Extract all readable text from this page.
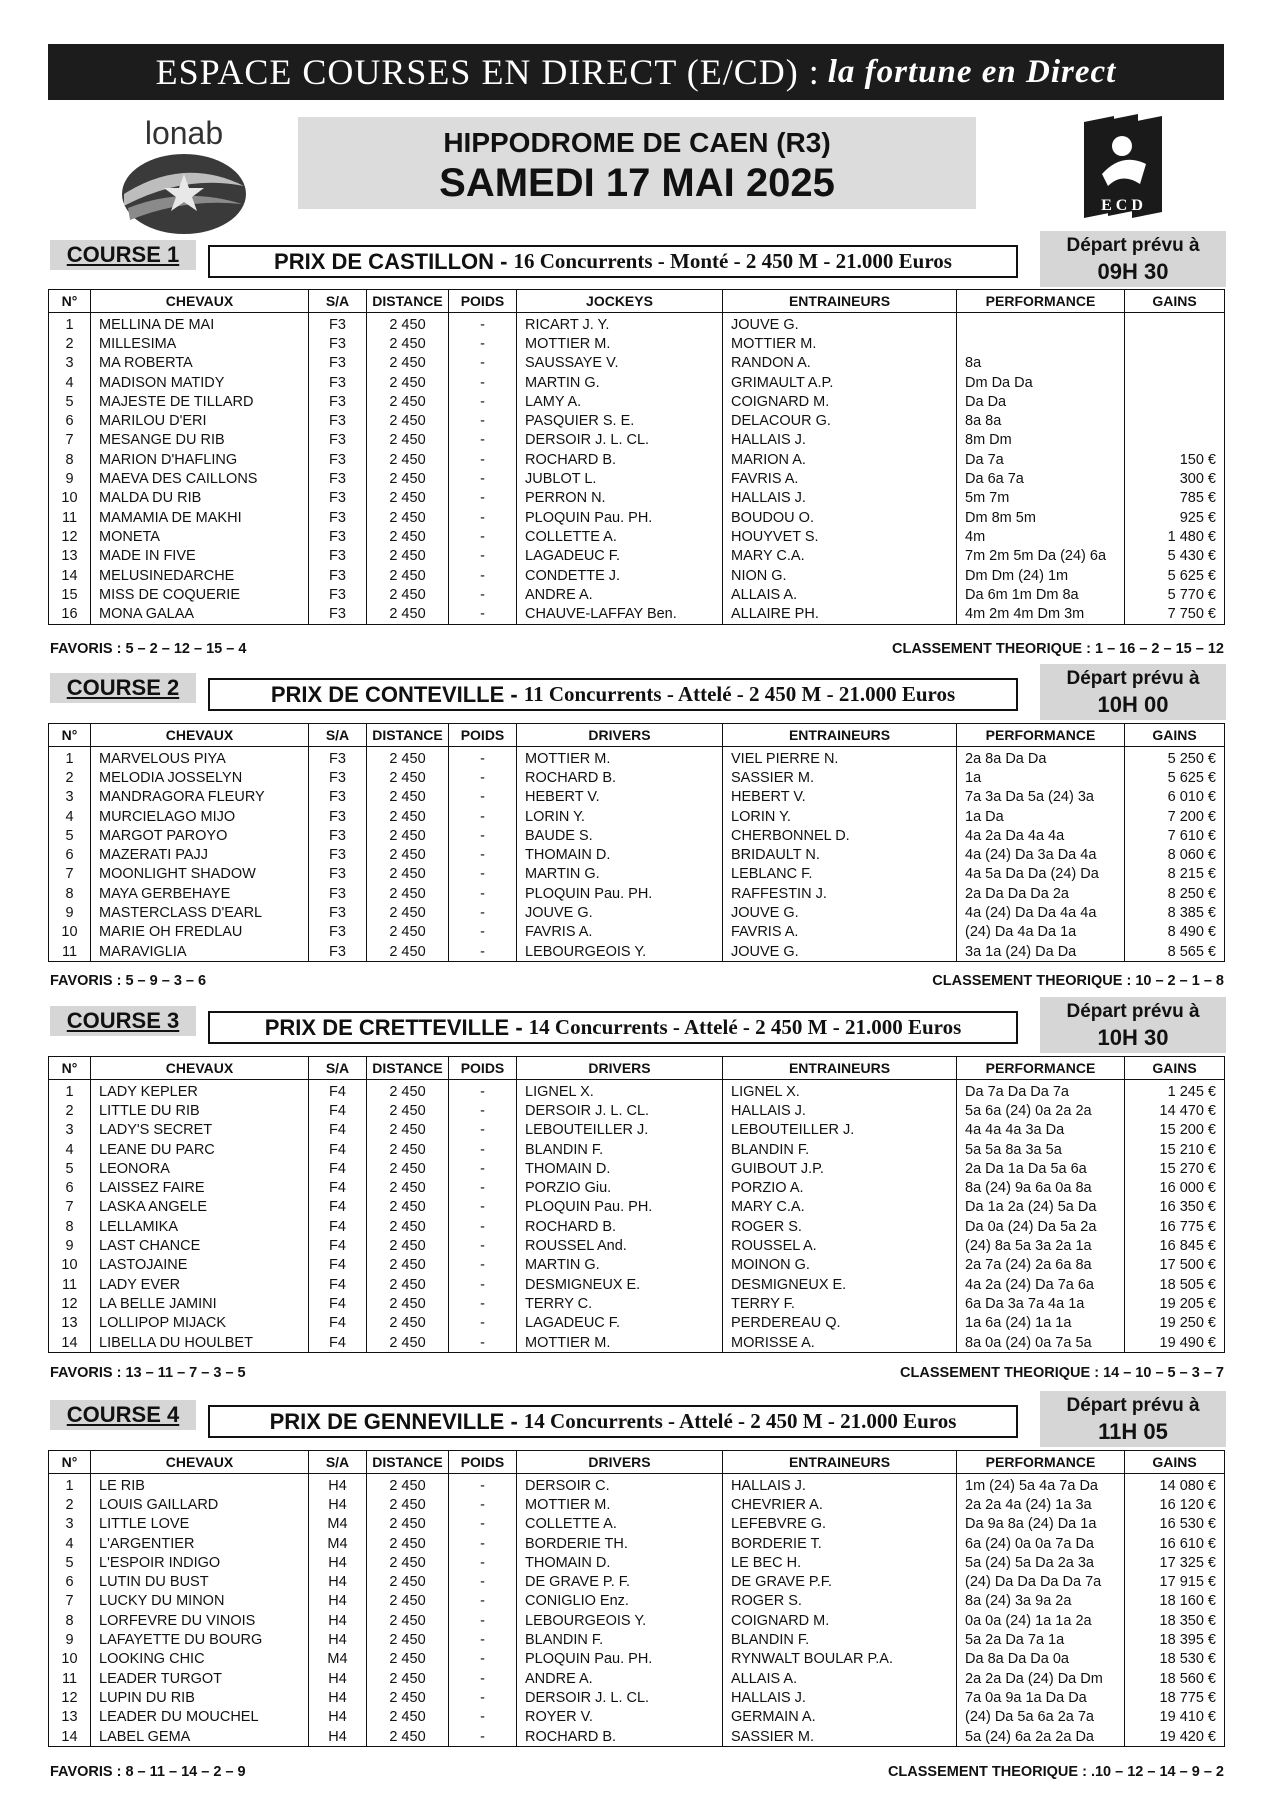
ESPACE COURSES EN DIRECT (E/CD) : la fortune en Direct
lonab	HIPPODROME DE CAEN (R3)
SAMEDI 17 MAI 2025
E C D
COURSE 1	PRIX DE CASTILLON - 16 Concurrents - Monté - 2 450 M - 21.000 Euros
Départ prévu à
09H 30
N°	CHEVAUX	S/A	DISTANCE	POIDS	JOCKEYS	ENTRAINEURS	PERFORMANCE	GAINS
1	MELLINA DE MAI	F3	2 450	-	RICART J. Y.	JOUVE G.		
2	MILLESIMA	F3	2 450	-	MOTTIER M.	MOTTIER M.		
3	MA ROBERTA	F3	2 450	-	SAUSSAYE V.	RANDON A.	8a	
4	MADISON MATIDY	F3	2 450	-	MARTIN G.	GRIMAULT A.P.	Dm Da Da	
5	MAJESTE DE TILLARD	F3	2 450	-	LAMY A.	COIGNARD M.	Da Da	
6	MARILOU D'ERI	F3	2 450	-	PASQUIER S. E.	DELACOUR G.	8a 8a	
7	MESANGE DU RIB	F3	2 450	-	DERSOIR J. L. CL.	HALLAIS J.	8m Dm	
8	MARION D'HAFLING	F3	2 450	-	ROCHARD B.	MARION A.	Da 7a	150 €
9	MAEVA DES CAILLONS	F3	2 450	-	JUBLOT L.	FAVRIS A.	Da 6a 7a	300 €
10	MALDA DU RIB	F3	2 450	-	PERRON N.	HALLAIS J.	5m 7m	785 €
11	MAMAMIA DE MAKHI	F3	2 450	-	PLOQUIN Pau. PH.	BOUDOU O.	Dm 8m 5m	925 €
12	MONETA	F3	2 450	-	COLLETTE A.	HOUYVET S.	4m	1 480 €
13	MADE IN FIVE	F3	2 450	-	LAGADEUC F.	MARY C.A.	7m 2m 5m Da (24) 6a	5 430 €
14	MELUSINEDARCHE	F3	2 450	-	CONDETTE J.	NION G.	Dm Dm (24) 1m	5 625 €
15	MISS DE COQUERIE	F3	2 450	-	ANDRE A.	ALLAIS A.	Da 6m 1m Dm 8a	5 770 €
16	MONA GALAA	F3	2 450	-	CHAUVE-LAFFAY Ben.	ALLAIRE PH.	4m 2m 4m Dm 3m	7 750 €
FAVORIS : 5 – 2 – 12 – 15 – 4	CLASSEMENT THEORIQUE : 1 – 16 – 2 – 15 – 12
COURSE 2	PRIX DE CONTEVILLE - 11 Concurrents - Attelé - 2 450 M - 21.000 Euros
Départ prévu à
10H 00
N°	CHEVAUX	S/A	DISTANCE	POIDS	DRIVERS	ENTRAINEURS	PERFORMANCE	GAINS
1	MARVELOUS PIYA	F3	2 450	-	MOTTIER M.	VIEL PIERRE N.	2a 8a Da Da	5 250 €
2	MELODIA JOSSELYN	F3	2 450	-	ROCHARD B.	SASSIER M.	1a	5 625 €
3	MANDRAGORA FLEURY	F3	2 450	-	HEBERT V.	HEBERT V.	7a 3a Da 5a (24) 3a	6 010 €
4	MURCIELAGO MIJO	F3	2 450	-	LORIN Y.	LORIN Y.	1a Da	7 200 €
5	MARGOT PAROYO	F3	2 450	-	BAUDE S.	CHERBONNEL D.	4a 2a Da 4a 4a	7 610 €
6	MAZERATI PAJJ	F3	2 450	-	THOMAIN D.	BRIDAULT N.	4a (24) Da 3a Da 4a	8 060 €
7	MOONLIGHT SHADOW	F3	2 450	-	MARTIN G.	LEBLANC F.	4a 5a Da Da (24) Da	8 215 €
8	MAYA GERBEHAYE	F3	2 450	-	PLOQUIN Pau. PH.	RAFFESTIN J.	2a Da Da Da 2a	8 250 €
9	MASTERCLASS D'EARL	F3	2 450	-	JOUVE G.	JOUVE G.	4a (24) Da Da 4a 4a	8 385 €
10	MARIE OH FREDLAU	F3	2 450	-	FAVRIS A.	FAVRIS A.	(24) Da 4a Da 1a	8 490 €
11	MARAVIGLIA	F3	2 450	-	LEBOURGEOIS Y.	JOUVE G.	3a 1a (24) Da Da	8 565 €
FAVORIS : 5 – 9 – 3 – 6	CLASSEMENT THEORIQUE : 10 – 2 – 1 – 8
COURSE 3	PRIX DE CRETTEVILLE - 14 Concurrents - Attelé - 2 450 M - 21.000 Euros
Départ prévu à
10H 30
N°	CHEVAUX	S/A	DISTANCE	POIDS	DRIVERS	ENTRAINEURS	PERFORMANCE	GAINS
1	LADY KEPLER	F4	2 450	-	LIGNEL X.	LIGNEL X.	Da 7a Da Da 7a	1 245 €
2	LITTLE DU RIB	F4	2 450	-	DERSOIR J. L. CL.	HALLAIS J.	5a 6a (24) 0a 2a 2a	14 470 €
3	LADY'S SECRET	F4	2 450	-	LEBOUTEILLER J.	LEBOUTEILLER J.	4a 4a 4a 3a Da	15 200 €
4	LEANE DU PARC	F4	2 450	-	BLANDIN F.	BLANDIN F.	5a 5a 8a 3a 5a	15 210 €
5	LEONORA	F4	2 450	-	THOMAIN D.	GUIBOUT J.P.	2a Da 1a Da 5a 6a	15 270 €
6	LAISSEZ FAIRE	F4	2 450	-	PORZIO Giu.	PORZIO A.	8a (24) 9a 6a 0a 8a	16 000 €
7	LASKA ANGELE	F4	2 450	-	PLOQUIN Pau. PH.	MARY C.A.	Da 1a 2a (24) 5a Da	16 350 €
8	LELLAMIKA	F4	2 450	-	ROCHARD B.	ROGER S.	Da 0a (24) Da 5a 2a	16 775 €
9	LAST CHANCE	F4	2 450	-	ROUSSEL And.	ROUSSEL A.	(24) 8a 5a 3a 2a 1a	16 845 €
10	LASTOJAINE	F4	2 450	-	MARTIN G.	MOINON G.	2a 7a (24) 2a 6a 8a	17 500 €
11	LADY EVER	F4	2 450	-	DESMIGNEUX E.	DESMIGNEUX E.	4a 2a (24) Da 7a 6a	18 505 €
12	LA BELLE JAMINI	F4	2 450	-	TERRY C.	TERRY F.	6a Da 3a 7a 4a 1a	19 205 €
13	LOLLIPOP MIJACK	F4	2 450	-	LAGADEUC F.	PERDEREAU Q.	1a 6a (24) 1a 1a	19 250 €
14	LIBELLA DU HOULBET	F4	2 450	-	MOTTIER M.	MORISSE A.	8a 0a (24) 0a 7a 5a	19 490 €
FAVORIS : 13 – 11 – 7 – 3 – 5	CLASSEMENT THEORIQUE : 14 – 10 – 5 – 3 – 7
COURSE 4	PRIX DE GENNEVILLE - 14 Concurrents - Attelé - 2 450 M - 21.000 Euros
Départ prévu à
11H 05
N°	CHEVAUX	S/A	DISTANCE	POIDS	DRIVERS	ENTRAINEURS	PERFORMANCE	GAINS
1	LE RIB	H4	2 450	-	DERSOIR C.	HALLAIS J.	1m (24) 5a 4a 7a Da	14 080 €
2	LOUIS GAILLARD	H4	2 450	-	MOTTIER M.	CHEVRIER A.	2a 2a 4a (24) 1a 3a	16 120 €
3	LITTLE LOVE	M4	2 450	-	COLLETTE A.	LEFEBVRE G.	Da 9a 8a (24) Da 1a	16 530 €
4	L'ARGENTIER	M4	2 450	-	BORDERIE TH.	BORDERIE T.	6a (24) 0a 0a 7a Da	16 610 €
5	L'ESPOIR INDIGO	H4	2 450	-	THOMAIN D.	LE BEC H.	5a (24) 5a Da 2a 3a	17 325 €
6	LUTIN DU BUST	H4	2 450	-	DE GRAVE P. F.	DE GRAVE P.F.	(24) Da Da Da Da 7a	17 915 €
7	LUCKY DU MINON	H4	2 450	-	CONIGLIO Enz.	ROGER S.	8a (24) 3a 9a 2a	18 160 €
8	LORFEVRE DU VINOIS	H4	2 450	-	LEBOURGEOIS Y.	COIGNARD M.	0a 0a (24) 1a 1a 2a	18 350 €
9	LAFAYETTE DU BOURG	H4	2 450	-	BLANDIN F.	BLANDIN F.	5a 2a Da 7a 1a	18 395 €
10	LOOKING CHIC	M4	2 450	-	PLOQUIN Pau. PH.	RYNWALT BOULAR P.A.	Da 8a Da Da 0a	18 530 €
11	LEADER TURGOT	H4	2 450	-	ANDRE A.	ALLAIS A.	2a 2a Da (24) Da Dm	18 560 €
12	LUPIN DU RIB	H4	2 450	-	DERSOIR J. L. CL.	HALLAIS J.	7a 0a 9a 1a Da Da	18 775 €
13	LEADER DU MOUCHEL	H4	2 450	-	ROYER V.	GERMAIN A.	(24) Da 5a 6a 2a 7a	19 410 €
14	LABEL GEMA	H4	2 450	-	ROCHARD B.	SASSIER M.	5a (24) 6a 2a 2a Da	19 420 €
FAVORIS : 8 – 11 – 14 – 2 – 9	CLASSEMENT THEORIQUE : .10 – 12 – 14 – 9 – 2
